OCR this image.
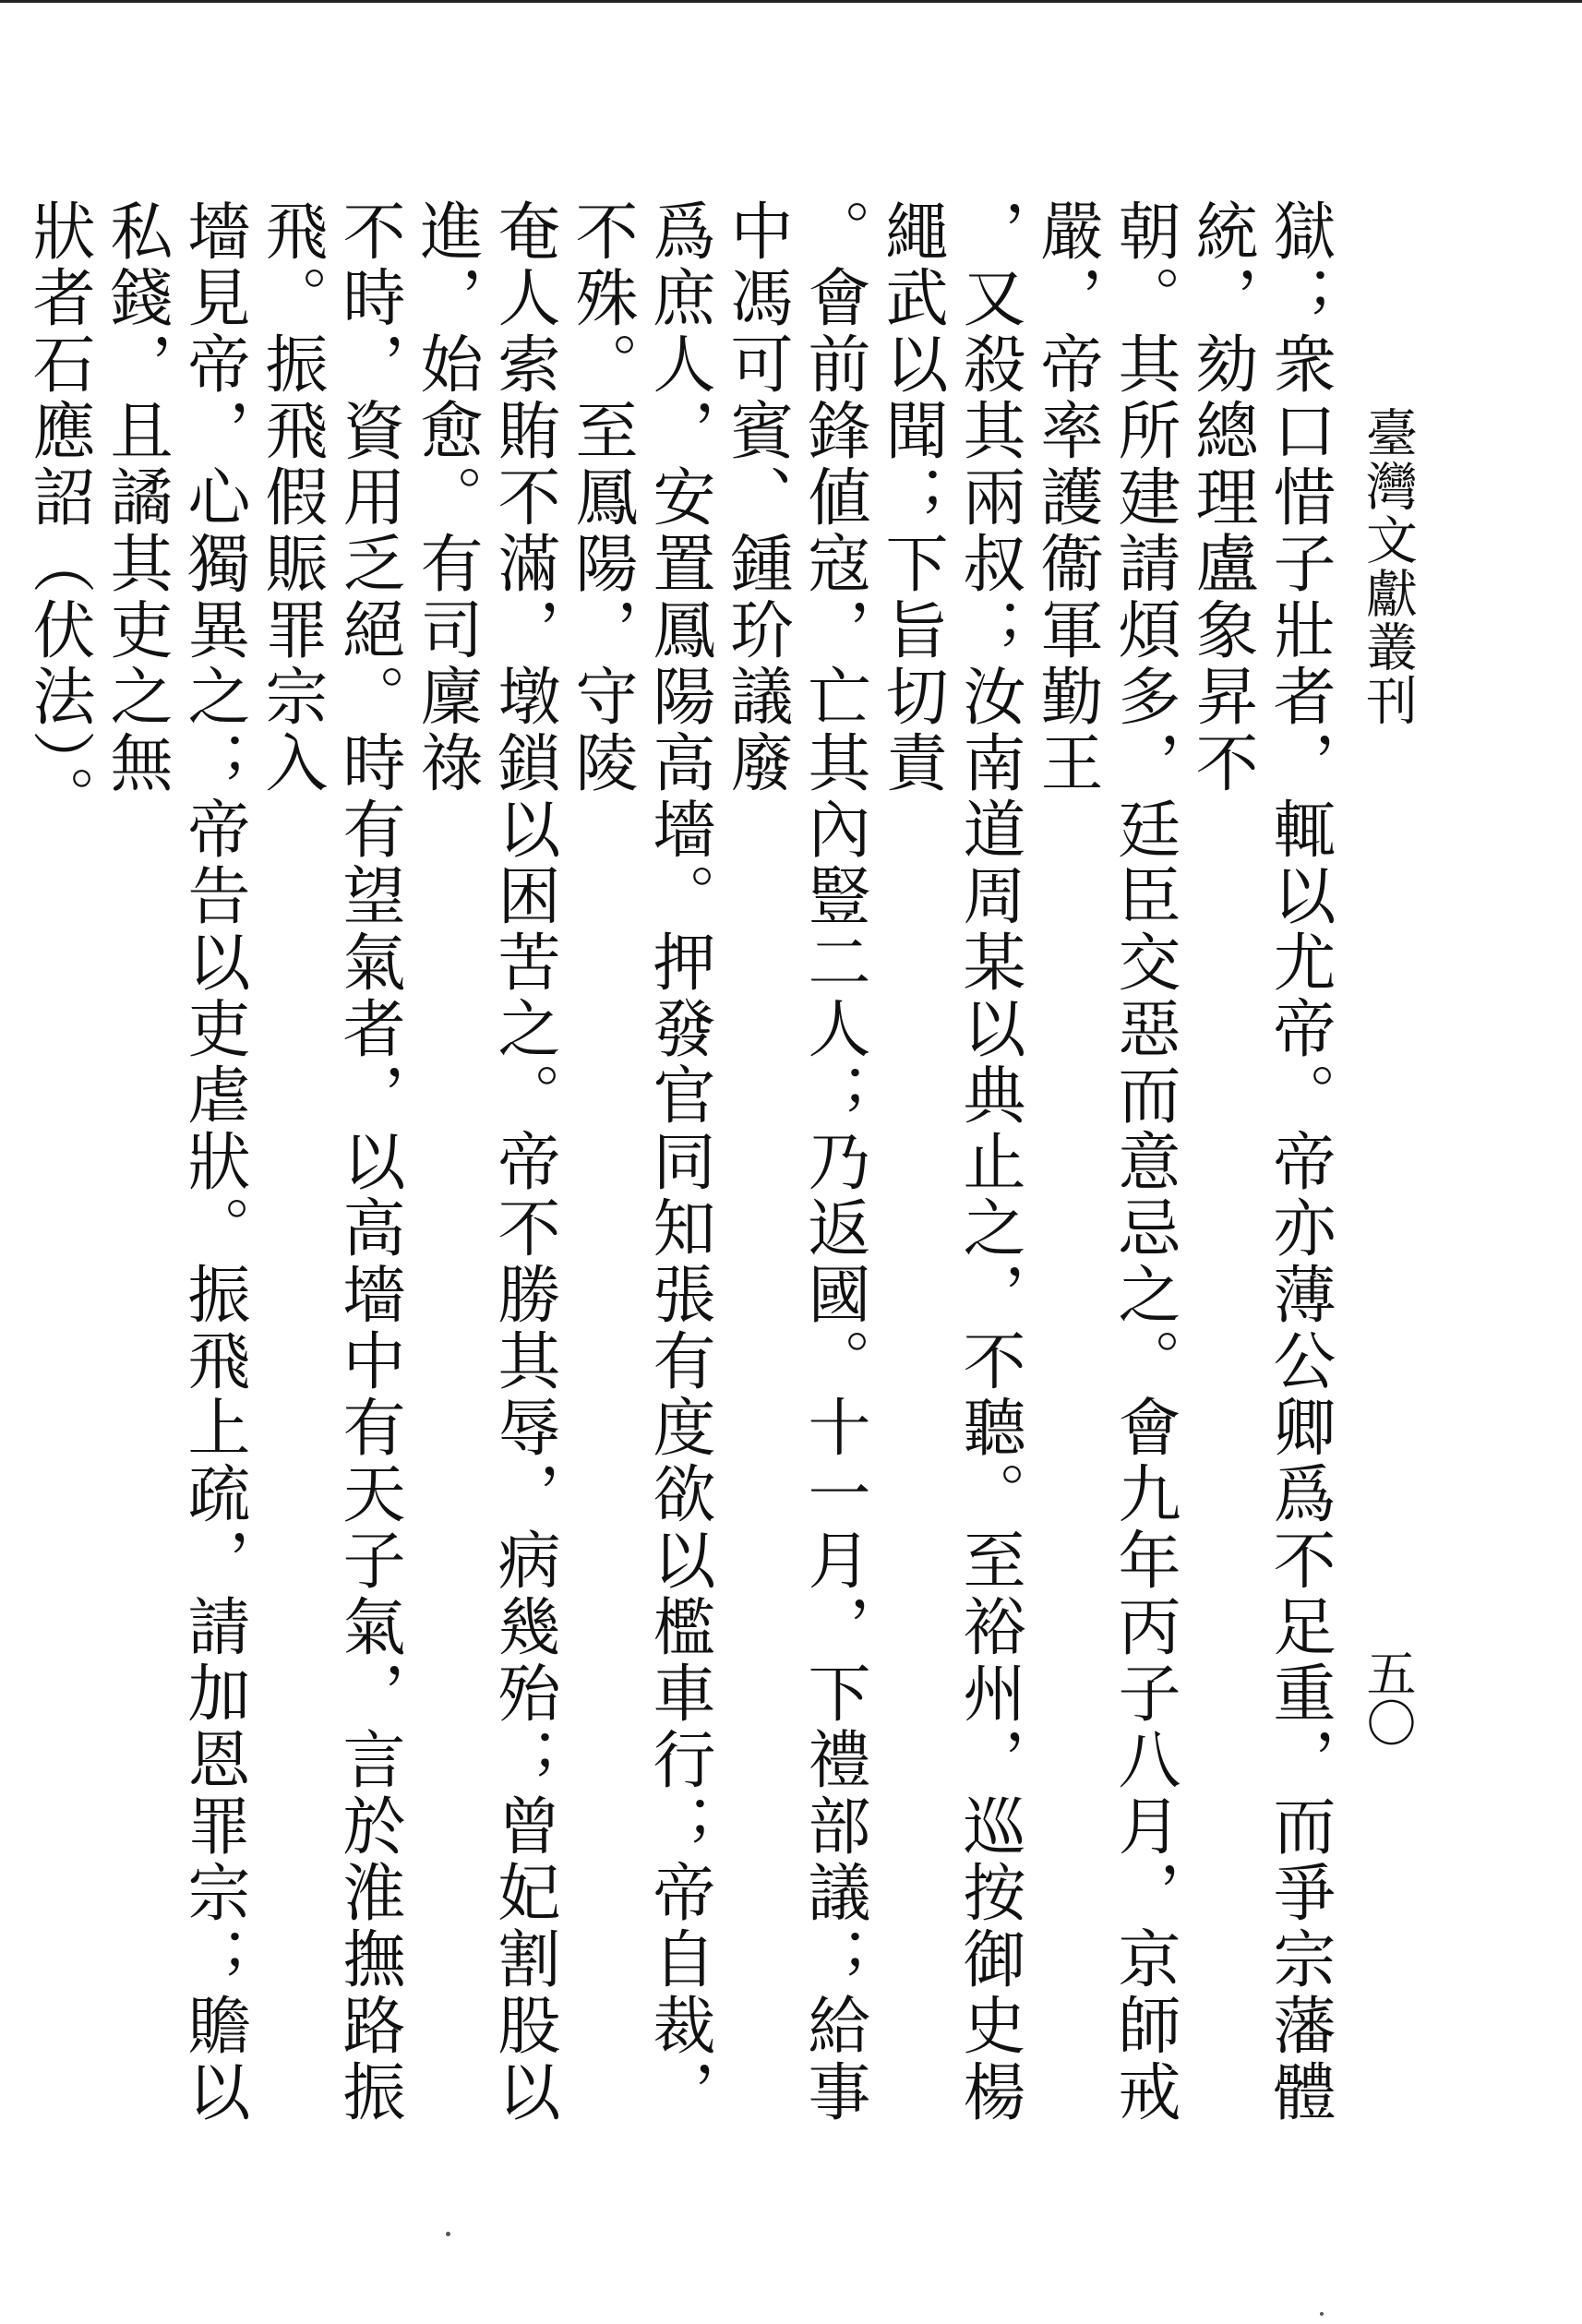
臺灣文獻叢刊
五〇

獄；衆口惜子壯者，輒以尤帝。帝亦薄公卿爲不足重，而爭宗藩體統，劾總理盧象昇不
朝。其所建請煩多，廷臣交惡而意忌之。會九年丙子八月，京師戒嚴，帝率護衞軍勤王
，又殺其兩叔；汝南道周某以典止之，不聽。至裕州，巡按御史楊繩武以聞；下旨切責
。會前鋒値寇，亡其內豎二人；乃返國。十一月，下禮部議；給事中馮可賓、鍾玠議廢
爲庶人，安置鳳陽高墻。押發官同知張有度欲以檻車行；帝自裁，不殊。至鳳陽，守陵
奄人索賄不滿，墩鎖以困苦之。帝不勝其辱，病幾殆；曾妃割股以進，始愈。有司廩祿
不時，資用乏絕。時有望氣者，以高墻中有天子氣，言於淮撫路振飛。振飛假賑罪宗入
墻見帝，心獨異之；帝告以吏虐狀。振飛上疏，請加恩罪宗；贍以私錢，且譎其吏之無
狀者石應詔（伏法）。
